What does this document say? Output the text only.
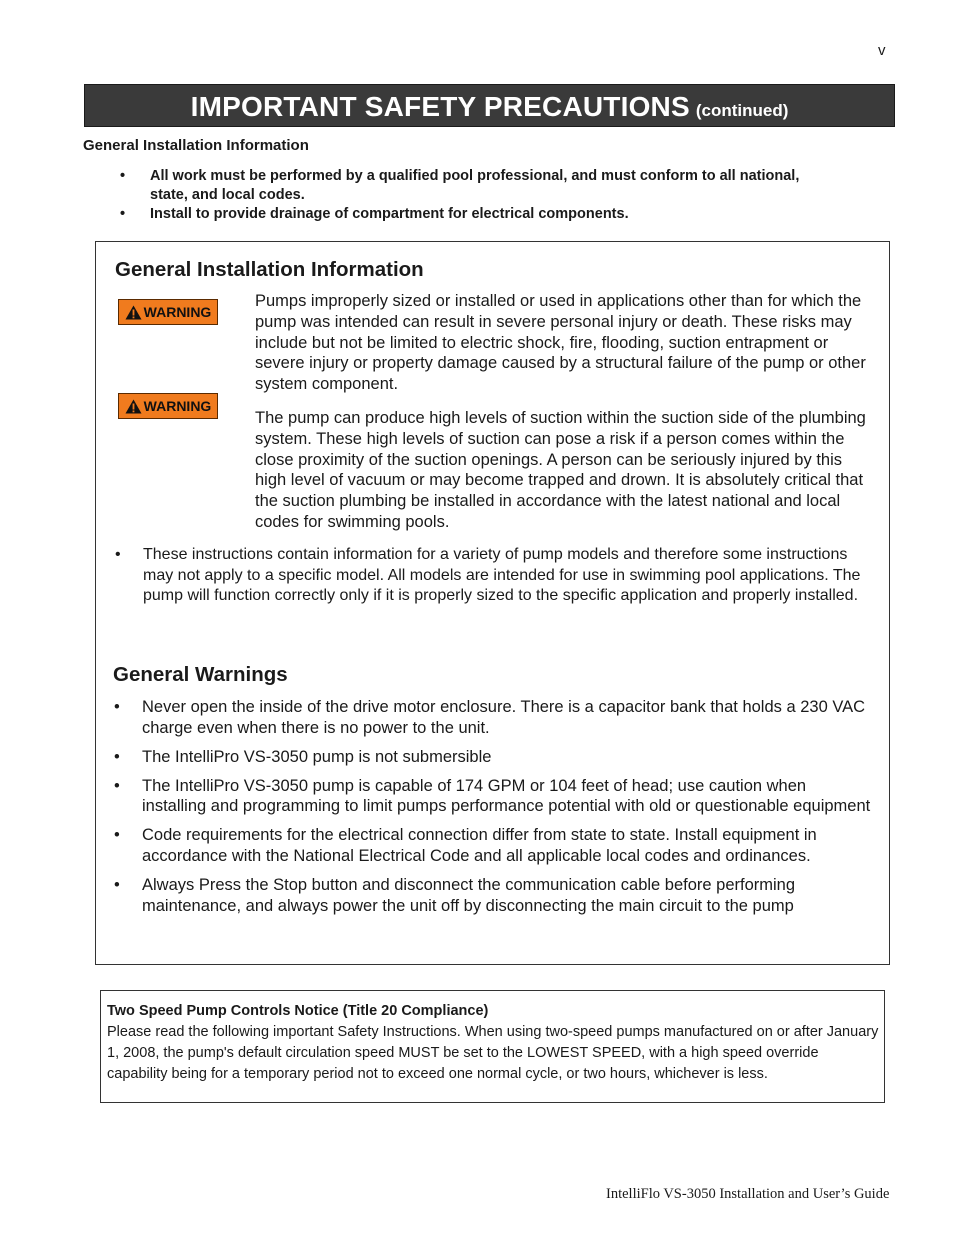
v
IMPORTANT SAFETY PRECAUTIONS (continued)
General Installation Information
• All work must be performed by a qualified pool professional, and must conform to all national, state, and local codes.
• Install to provide drainage of compartment for electrical components.
General Installation Information
WARNING

Pumps improperly sized or installed or used in applications other than for which the pump was intended can result in severe personal injury or death. These risks may include but not be limited to electric shock, fire, flooding, suction entrapment or severe injury or property damage caused by a structural failure of the pump or other system component.

WARNING

The pump can produce high levels of suction within the suction side of the plumbing system. These high levels of suction can pose a risk if a person comes within the close proximity of the suction openings. A person can be seriously injured by this high level of vacuum or may become trapped and drown. It is absolutely critical that the suction plumbing be installed in accordance with the latest national and local codes for swimming pools.

• These instructions contain information for a variety of pump models and therefore some instructions may not apply to a specific model. All models are intended for use in swimming pool applications. The pump will function correctly only if it is properly sized to the specific application and properly installed.
General Warnings
• Never open the inside of the drive motor enclosure. There is a capacitor bank that holds a 230 VAC charge even when there is no power to the unit.
• The IntelliPro VS-3050 pump is not submersible
• The IntelliPro VS-3050 pump is capable of 174 GPM or 104 feet of head; use caution when installing and programming to limit pumps performance potential with old or questionable equipment
• Code requirements for the electrical connection differ from state to state. Install equipment in accordance with the National Electrical Code and all applicable local codes and ordinances.
• Always Press the Stop button and disconnect the communication cable before performing maintenance, and always power the unit off by disconnecting the main circuit to the pump
Two Speed Pump Controls Notice (Title 20 Compliance)

Please read the following important Safety Instructions. When using two-speed pumps manufactured on or after January 1, 2008, the pump's default circulation speed MUST be set to the LOWEST SPEED, with a high speed override capability being for a temporary period not to exceed one normal cycle, or two hours, whichever is less.

IntelliFlo VS-3050 Installation and User’s Guide
